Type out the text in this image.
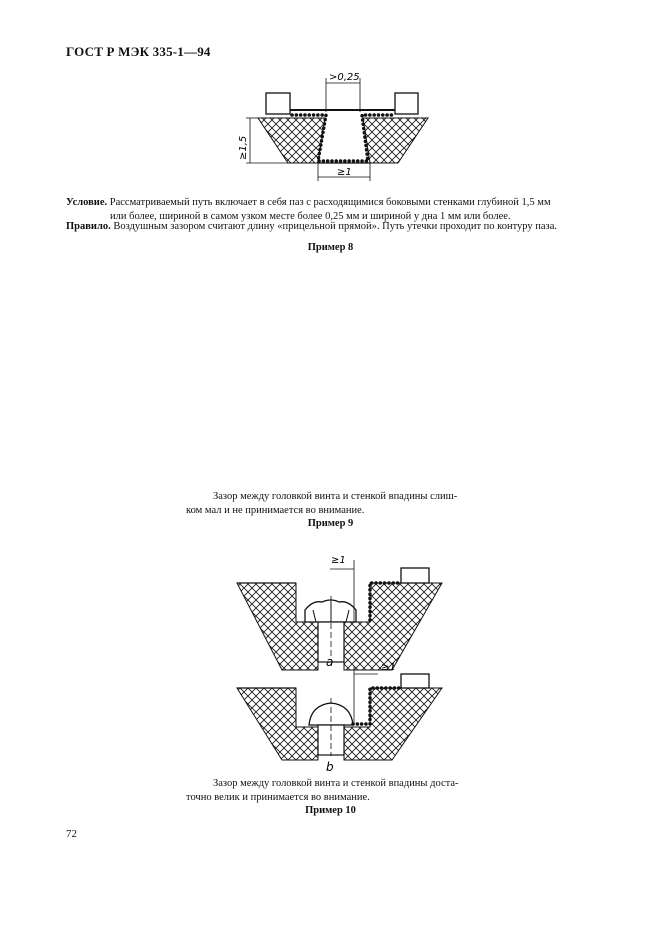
ГОСТ Р МЭК 335-1—94
>0,25
≥1,5
≥1
Условие. Рассматриваемый путь включает в себя паз с расходящимися боковыми стенками глубиной 1,5 мм
или более, шириной в самом узком месте более 0,25 мм и шириной у дна 1 мм или более.
Правило. Воздушным зазором считают длину «прицельной прямой». Путь утечки проходит по контуру паза.
Пример 8
Зазор между головкой винта и стенкой впадины слиш-
ком мал и не принимается во внимание.
Пример 9
≥1
a	≥1
b
Зазор между головкой винта и стенкой впадины доста-
точно велик и принимается во внимание.
Пример 10
72
